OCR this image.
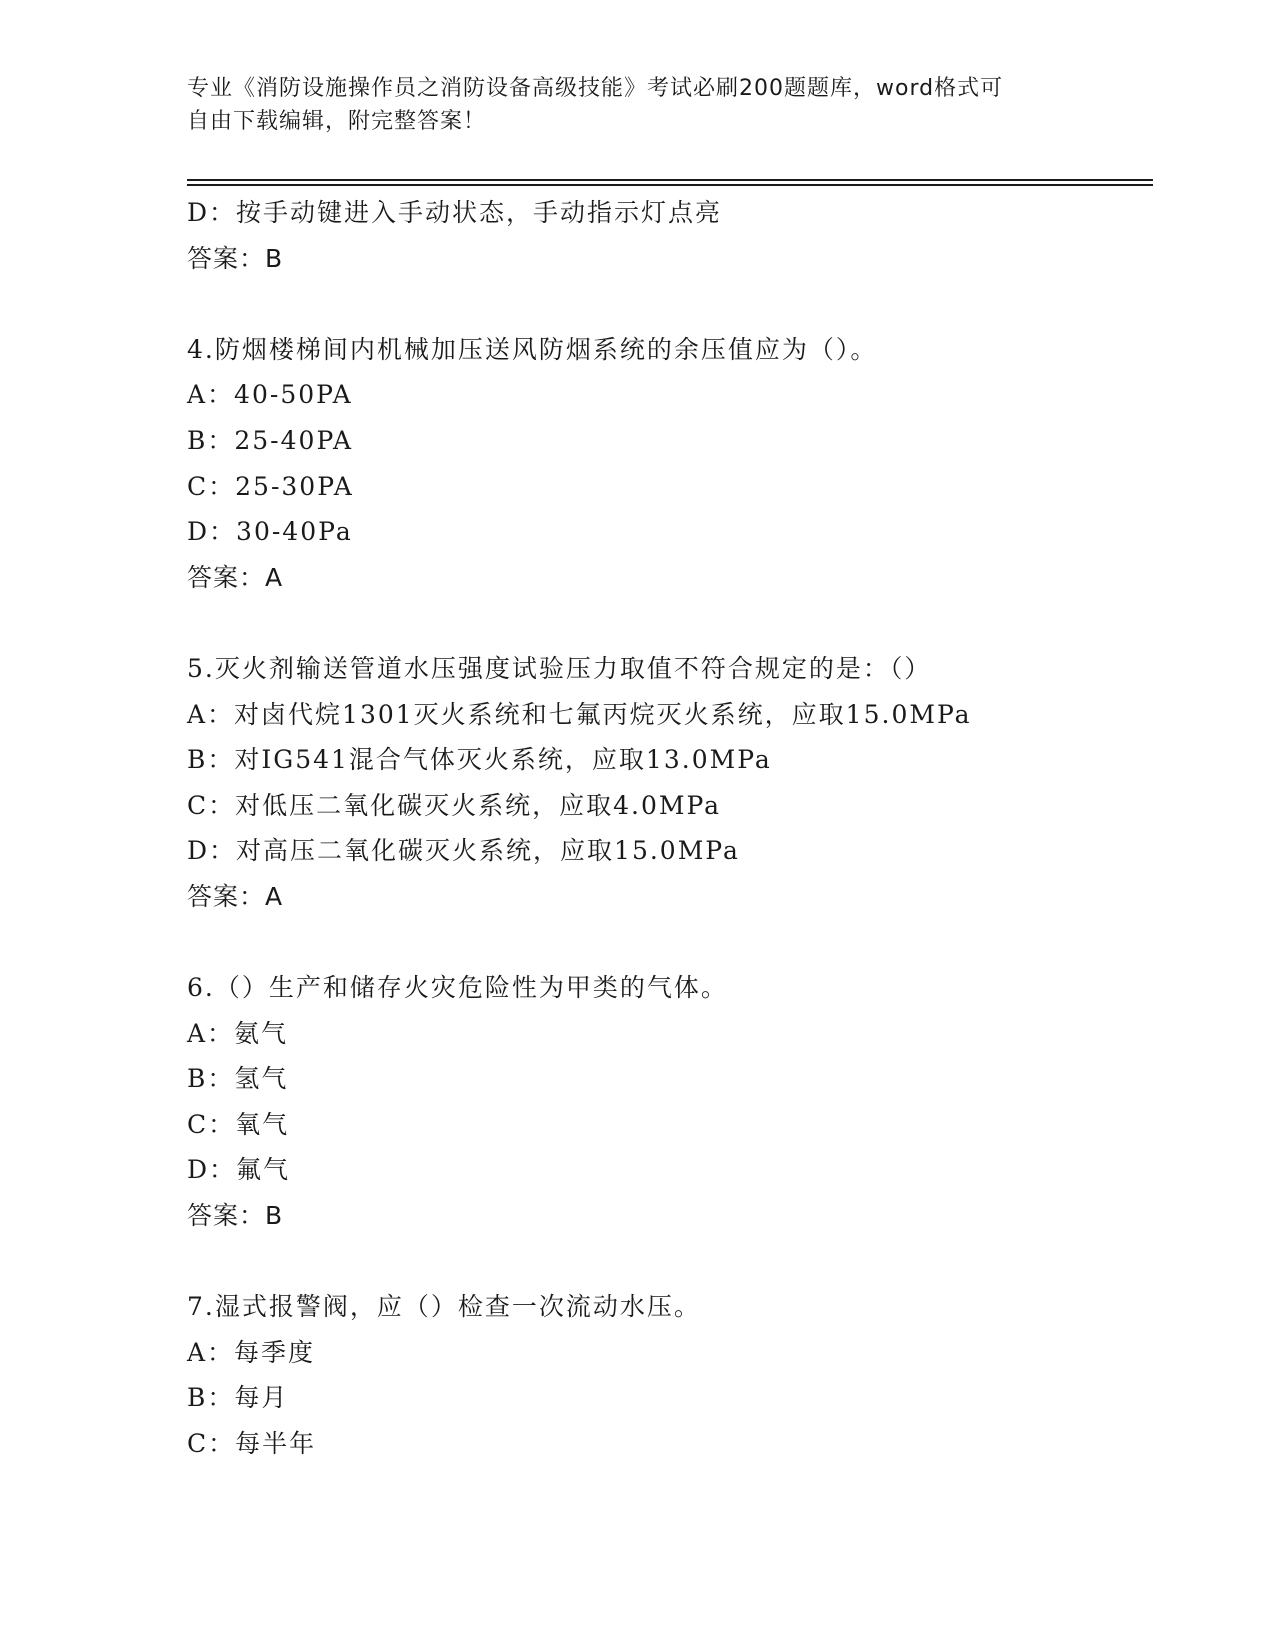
专业《消防设施操作员之消防设备高级技能》考试必刷200题题库，word格式可
自由下载编辑，附完整答案！
D：按手动键进入手动状态，手动指示灯点亮
答案：B
4.防烟楼梯间内机械加压送风防烟系统的余压值应为（）。
A：40-50PA
B：25-40PA
C：25-30PA
D：30-40Pa
答案：A
5.灭火剂输送管道水压强度试验压力取值不符合规定的是：（）
A：对卤代烷1301灭火系统和七氟丙烷灭火系统，应取15.0MPa
B：对IG541混合气体灭火系统，应取13.0MPa
C：对低压二氧化碳灭火系统，应取4.0MPa
D：对高压二氧化碳灭火系统，应取15.0MPa
答案：A
6.（）生产和储存火灾危险性为甲类的气体。
A：氨气
B：氢气
C：氧气
D：氟气
答案：B
7.湿式报警阀，应（）检查一次流动水压。
A：每季度
B：每月
C：每半年
